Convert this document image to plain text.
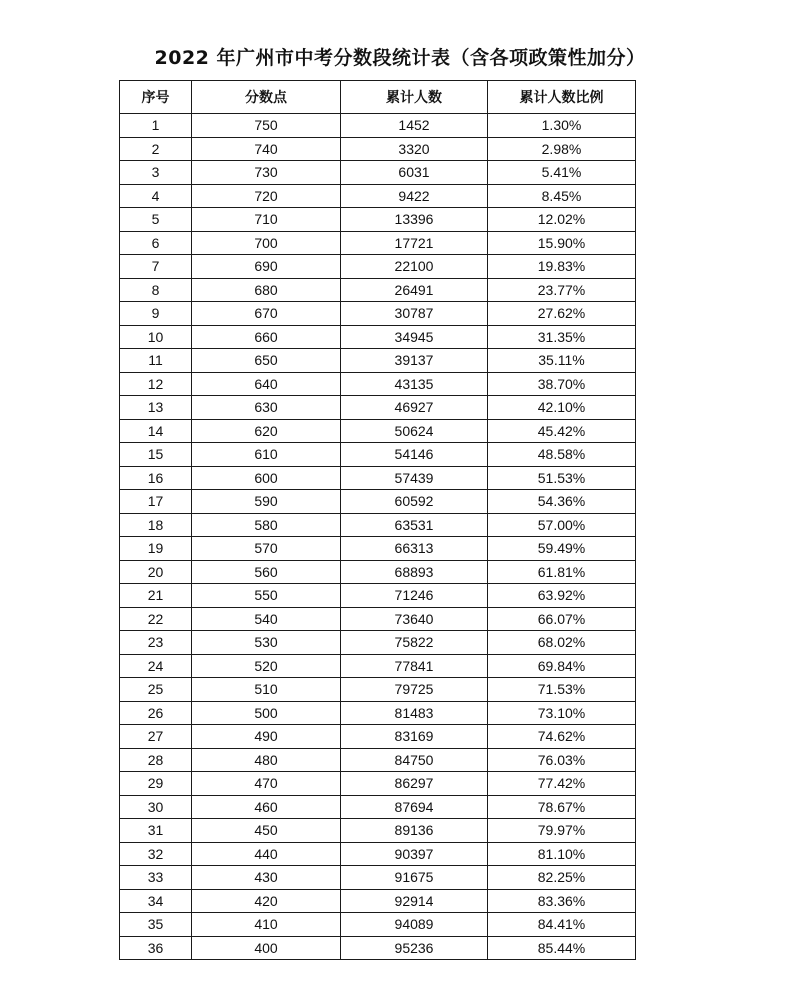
2022 年广州市中考分数段统计表（含各项政策性加分）
序号	分数点	累计人数	累计人数比例
1	750	1452	1.30%
2	740	3320	2.98%
3	730	6031	5.41%
4	720	9422	8.45%
5	710	13396	12.02%
6	700	17721	15.90%
7	690	22100	19.83%
8	680	26491	23.77%
9	670	30787	27.62%
10	660	34945	31.35%
11	650	39137	35.11%
12	640	43135	38.70%
13	630	46927	42.10%
14	620	50624	45.42%
15	610	54146	48.58%
16	600	57439	51.53%
17	590	60592	54.36%
18	580	63531	57.00%
19	570	66313	59.49%
20	560	68893	61.81%
21	550	71246	63.92%
22	540	73640	66.07%
23	530	75822	68.02%
24	520	77841	69.84%
25	510	79725	71.53%
26	500	81483	73.10%
27	490	83169	74.62%
28	480	84750	76.03%
29	470	86297	77.42%
30	460	87694	78.67%
31	450	89136	79.97%
32	440	90397	81.10%
33	430	91675	82.25%
34	420	92914	83.36%
35	410	94089	84.41%
36	400	95236	85.44%
